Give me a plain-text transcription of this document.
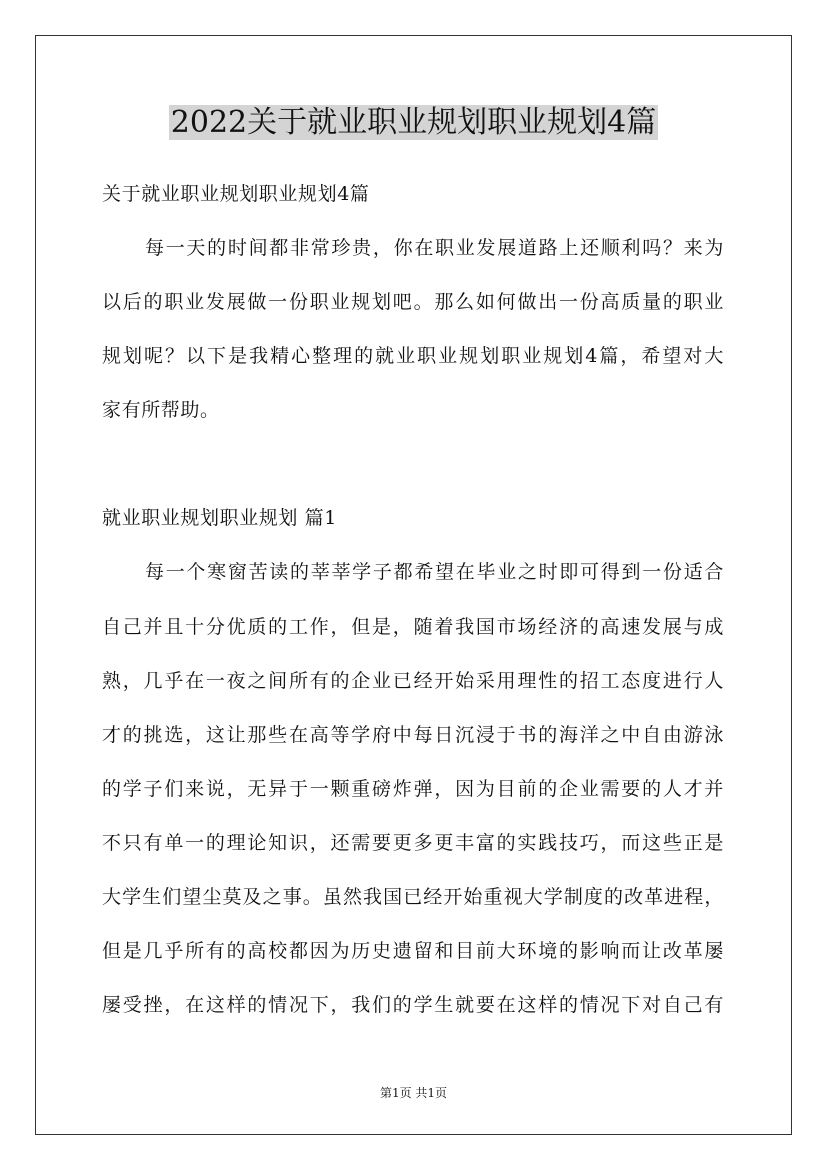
2022关于就业职业规划职业规划4篇

关于就业职业规划职业规划4篇

每一天的时间都非常珍贵，你在职业发展道路上还顺利吗？来为

以后的职业发展做一份职业规划吧。那么如何做出一份高质量的职业

规划呢？以下是我精心整理的就业职业规划职业规划4篇，希望对大

家有所帮助。

就业职业规划职业规划 篇1

每一个寒窗苦读的莘莘学子都希望在毕业之时即可得到一份适合

自己并且十分优质的工作，但是，随着我国市场经济的高速发展与成

熟，几乎在一夜之间所有的企业已经开始采用理性的招工态度进行人

才的挑选，这让那些在高等学府中每日沉浸于书的海洋之中自由游泳

的学子们来说，无异于一颗重磅炸弹，因为目前的企业需要的人才并

不只有单一的理论知识，还需要更多更丰富的实践技巧，而这些正是

大学生们望尘莫及之事。虽然我国已经开始重视大学制度的改革进程，

但是几乎所有的高校都因为历史遗留和目前大环境的影响而让改革屡

屡受挫，在这样的情况下，我们的学生就要在这样的情况下对自己有

第1页 共1页
